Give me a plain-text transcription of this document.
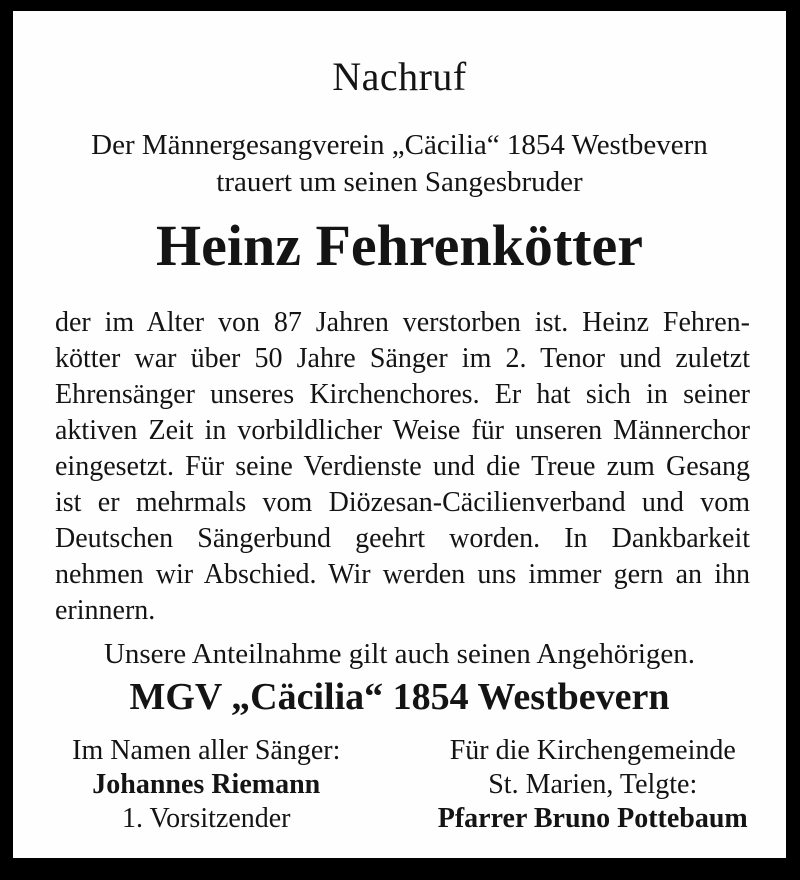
Nachruf
Der Männergesangverein „Cäcilia“ 1854 Westbevern
trauert um seinen Sangesbruder
Heinz Fehrenkötter
der im Alter von 87 Jahren verstorben ist. Heinz Fehren-
kötter war über 50 Jahre Sänger im 2. Tenor und zuletzt
Ehrensänger unseres Kirchenchores. Er hat sich in seiner
aktiven Zeit in vorbildlicher Weise für unseren Männerchor
eingesetzt. Für seine Verdienste und die Treue zum Gesang
ist er mehrmals vom Diözesan-Cäcilienverband und vom
Deutschen Sängerbund geehrt worden. In Dankbarkeit
nehmen wir Abschied. Wir werden uns immer gern an ihn
erinnern.
Unsere Anteilnahme gilt auch seinen Angehörigen.
MGV „Cäcilia“ 1854 Westbevern
Im Namen aller Sänger:
Johannes Riemann
1. Vorsitzender
Für die Kirchengemeinde
St. Marien, Telgte:
Pfarrer Bruno Pottebaum
